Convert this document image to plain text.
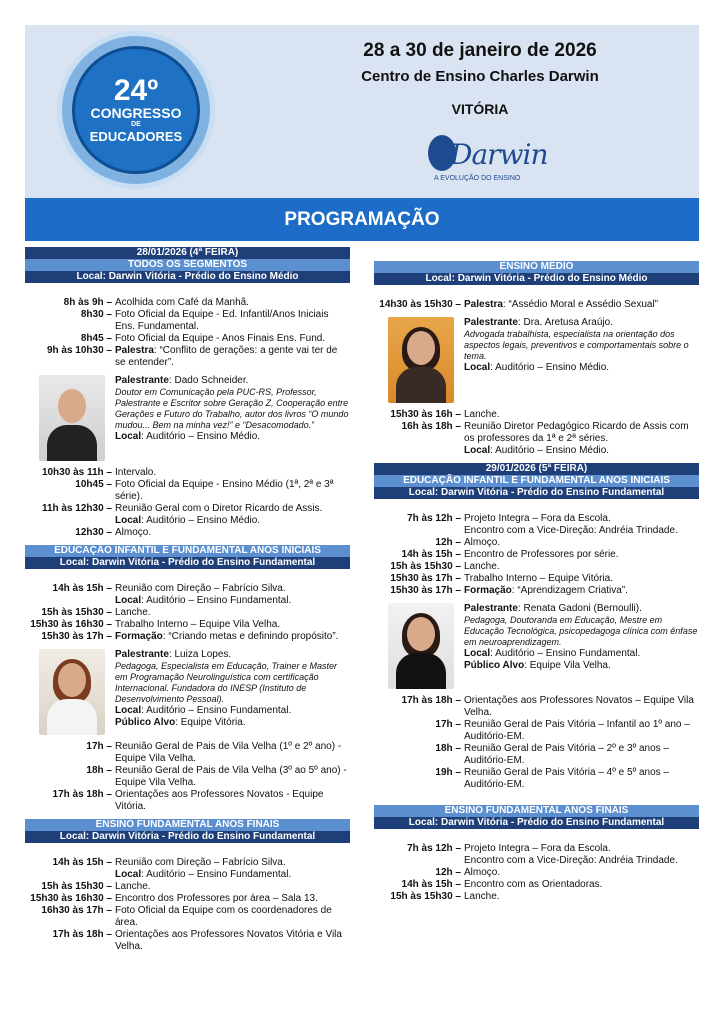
24º
CONGRESSO
DE
EDUCADORES
28 a 30 de janeiro de 2026
Centro de Ensino Charles Darwin
VITÓRIA
Darwin
A EVOLUÇÃO DO ENSINO
PROGRAMAÇÃO
28/01/2026 (4ª FEIRA)
TODOS OS SEGMENTOS
Local: Darwin Vitória - Prédio do Ensino Médio
8h às 9h – Acolhida com Café da Manhã.
8h30 – Foto Oficial da Equipe - Ed. Infantil/Anos Iniciais Ens. Fundamental.
8h45 – Foto Oficial da Equipe - Anos Finais Ens. Fund.
9h às 10h30 – Palestra: “Conflito de gerações: a gente vai ter de se entender”.
Palestrante: Dado Schneider.
Doutor em Comunicação pela PUC-RS, Professor, Palestrante e Escritor sobre Geração Z, Cooperação entre Gerações e Futuro do Trabalho, autor dos livros “O mundo mudou... Bem na minha vez!” e “Desacomodado.”
Local: Auditório – Ensino Médio.
10h30 às 11h – Intervalo.
10h45 – Foto Oficial da Equipe - Ensino Médio (1ª, 2ª e 3ª série).
11h às 12h30 – Reunião Geral com o Diretor Ricardo de Assis.
Local: Auditório – Ensino Médio.
12h30 – Almoço.
EDUCAÇÃO INFANTIL E FUNDAMENTAL ANOS INICIAIS
Local: Darwin Vitória - Prédio do Ensino Fundamental
14h às 15h – Reunião com Direção – Fabrício Silva.
Local: Auditório – Ensino Fundamental.
15h às 15h30 – Lanche.
15h30 às 16h30 – Trabalho Interno – Equipe Vila Velha.
15h30 às 17h – Formação: “Criando metas e definindo propósito”.
Palestrante: Luiza Lopes.
Pedagoga, Especialista em Educação, Trainer e Master em Programação Neurolinguística com certificação Internacional. Fundadora do INESP (Instituto de Desenvolvimento Pessoal).
Local: Auditório – Ensino Fundamental.
Público Alvo: Equipe Vitória.
17h – Reunião Geral de Pais de Vila Velha (1º e 2º ano) - Equipe Vila Velha.
18h – Reunião Geral de Pais de Vila Velha (3º ao 5º ano) - Equipe Vila Velha.
17h às 18h – Orientações aos Professores Novatos - Equipe Vitória.
ENSINO FUNDAMENTAL ANOS FINAIS
Local: Darwin Vitória - Prédio do Ensino Fundamental
14h às 15h – Reunião com Direção – Fabrício Silva.
Local: Auditório – Ensino Fundamental.
15h às 15h30 – Lanche.
15h30 às 16h30 – Encontro dos Professores por área – Sala 13.
16h30 às 17h – Foto Oficial da Equipe com os coordenadores de área.
17h às 18h – Orientações aos Professores Novatos Vitória e Vila Velha.
ENSINO MÉDIO
Local: Darwin Vitória - Prédio do Ensino Médio
14h30 às 15h30 – Palestra: “Assédio Moral e Assédio Sexual”
Palestrante: Dra. Aretusa Araújo.
Advogada trabalhista, especialista na orientação dos aspectos legais, preventivos e comportamentais sobre o tema.
Local: Auditório – Ensino Médio.
15h30 às 16h – Lanche.
16h às 18h – Reunião Diretor Pedagógico Ricardo de Assis com os professores da 1ª e 2ª séries.
Local: Auditório – Ensino Médio.
29/01/2026 (5ª FEIRA)
EDUCAÇÃO INFANTIL E FUNDAMENTAL ANOS INICIAIS
Local: Darwin Vitória - Prédio do Ensino Fundamental
7h às 12h – Projeto Integra – Fora da Escola.
Encontro com a Vice-Direção: Andréia Trindade.
12h – Almoço.
14h às 15h – Encontro de Professores por série.
15h às 15h30 – Lanche.
15h30 às 17h – Trabalho Interno – Equipe Vitória.
15h30 às 17h – Formação: “Aprendizagem Criativa”.
Palestrante: Renata Gadoni (Bernoulli).
Pedagoga, Doutoranda em Educação, Mestre em Educação Tecnológica, psicopedagoga clínica com ênfase em neuroaprendizagem.
Local: Auditório – Ensino Fundamental.
Público Alvo: Equipe Vila Velha.
17h às 18h – Orientações aos Professores Novatos – Equipe Vila Velha.
17h – Reunião Geral de Pais Vitória – Infantil ao 1º ano – Auditório-EM.
18h – Reunião Geral de Pais Vitória – 2º e 3º anos – Auditório-EM.
19h – Reunião Geral de Pais Vitória – 4º e 5º anos – Auditório-EM.
ENSINO FUNDAMENTAL ANOS FINAIS
Local: Darwin Vitória - Prédio do Ensino Fundamental
7h às 12h – Projeto Integra – Fora da Escola.
Encontro com a Vice-Direção: Andréia Trindade.
12h – Almoço.
14h às 15h – Encontro com as Orientadoras.
15h às 15h30 – Lanche.
